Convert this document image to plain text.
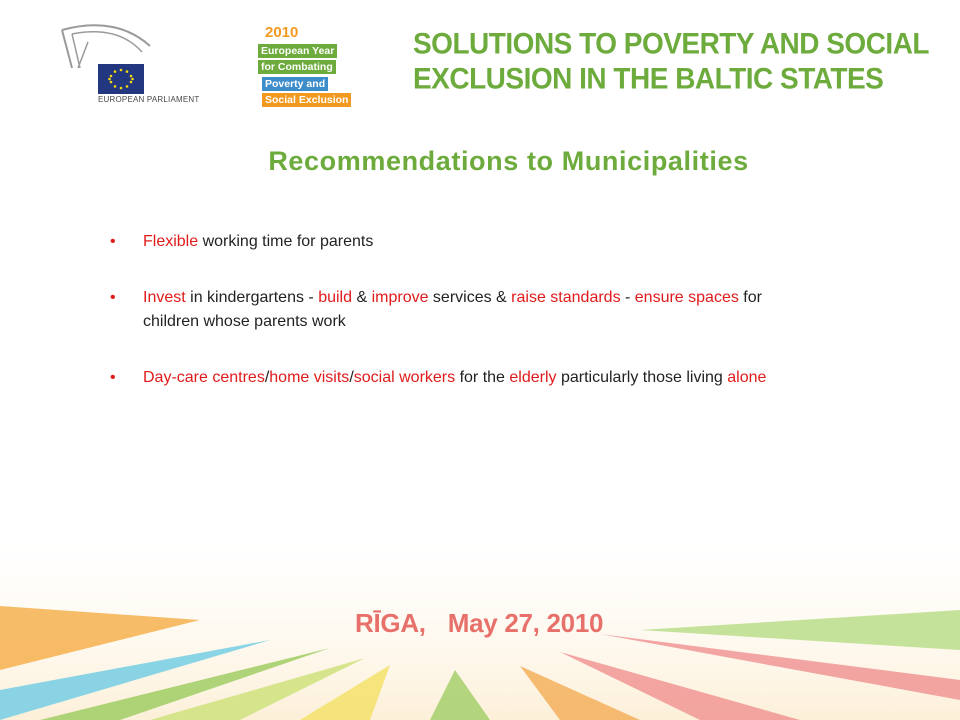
EUROPEAN PARLIAMENT
2010
European Year
for Combating
Poverty and
Social Exclusion
SOLUTIONS TO POVERTY AND SOCIAL
EXCLUSION IN THE BALTIC STATES
Recommendations to Municipalities
• Flexible working time for parents
• Invest in kindergartens - build & improve services & raise standards - ensure spaces for children whose parents work
• Day-care centres/home visits/social workers for the elderly particularly those living alone
RĪGA, May 27, 2010
